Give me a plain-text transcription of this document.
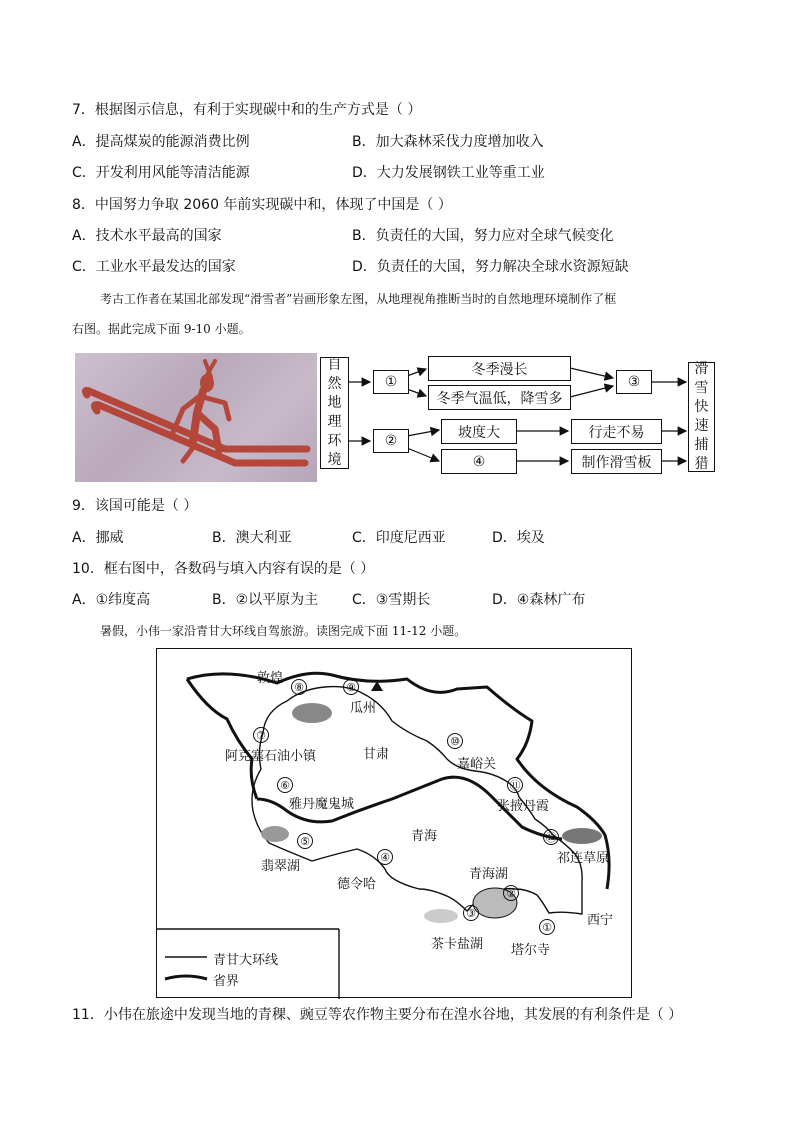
7．根据图示信息，有利于实现碳中和的生产方式是（ ）
A．提高煤炭的能源消费比例	B．加大森林采伐力度增加收入
C．开发利用风能等清洁能源	D．大力发展钢铁工业等重工业
8．中国努力争取 2060 年前实现碳中和，体现了中国是（ ）
A．技术水平最高的国家	B．负责任的大国，努力应对全球气候变化
C．工业水平最发达的国家	D．负责任的大国，努力解决全球水资源短缺
考古工作者在某国北部发现“滑雪者”岩画形象左图，从地理视角推断当时的自然地理环境制作了框
右图。据此完成下面 9-10 小题。
自
然
地
理
环
境
①
②
冬季漫长
冬季气温低，降雪多
③
坡度大
④
行走不易
制作滑雪板
滑
雪
快
速
捕
猎
9．该国可能是（ ）
A．挪威	B．澳大利亚	C．印度尼西亚	D．埃及
10．框右图中，各数码与填入内容有误的是（ ）
A．①纬度高	B．②以平原为主 C．③雪期长	D．④森林广布
暑假，小伟一家沿青甘大环线自驾旅游。读图完成下面 11-12 小题。
敦煌
⑧	⑨
瓜州
⑦
阿克塞石油小镇	甘肃
⑩
嘉峪关
⑥
雅丹魔鬼城
⑪
张掖丹霞
青海	⑫
祁连草原
⑤
翡翠湖
④
德令哈
青海湖
②
③	西宁
茶卡盐湖
①
塔尔寺
青甘大环线
省界
11．小伟在旅途中发现当地的青稞、豌豆等农作物主要分布在湟水谷地，其发展的有利条件是（ ）
